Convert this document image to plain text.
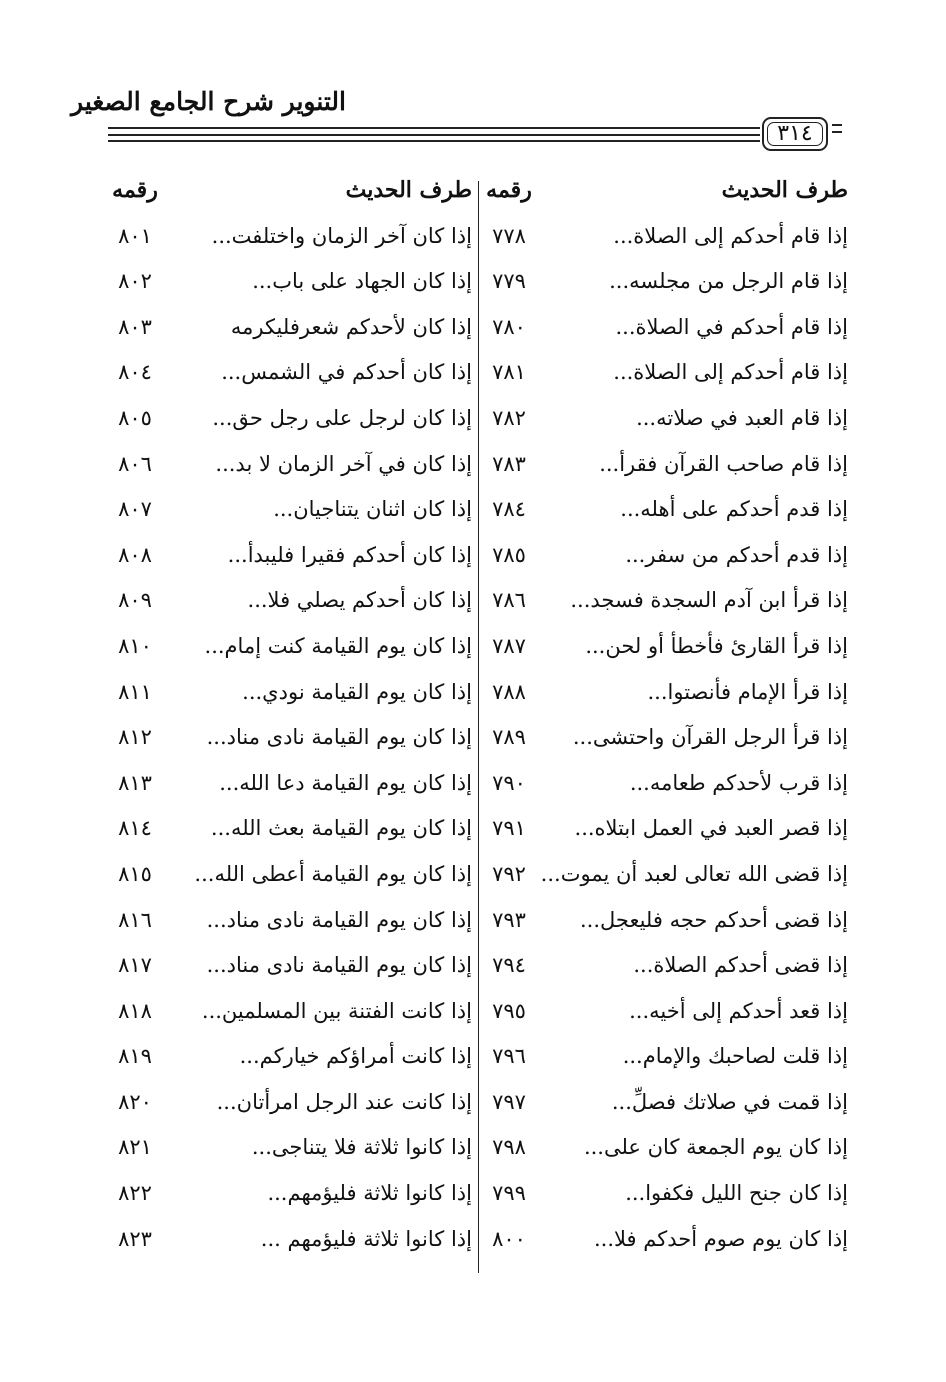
التنوير شرح الجامع الصغير
٣١٤
طرف الحديث
رقمه
طرف الحديث
رقمه
إذا قام أحدكم إلى الصلاة...
٧٧٨
إذا كان آخر الزمان واختلفت...
٨٠١
إذا قام الرجل من مجلسه...
٧٧٩
إذا كان الجهاد على باب...
٨٠٢
إذا قام أحدكم في الصلاة...
٧٨٠
إذا كان لأحدكم شعرفليكرمه
٨٠٣
إذا قام أحدكم إلى الصلاة...
٧٨١
إذا كان أحدكم في الشمس...
٨٠٤
إذا قام العبد في صلاته...
٧٨٢
إذا كان لرجل على رجل حق...
٨٠٥
إذا قام صاحب القرآن فقرأ...
٧٨٣
إذا كان في آخر الزمان لا بد...
٨٠٦
إذا قدم أحدكم على أهله...
٧٨٤
إذا كان اثنان يتناجيان...
٨٠٧
إذا قدم أحدكم من سفر...
٧٨٥
إذا كان أحدكم فقيرا فليبدأ...
٨٠٨
إذا قرأ ابن آدم السجدة فسجد...
٧٨٦
إذا كان أحدكم يصلي فلا...
٨٠٩
إذا قرأ القارئ فأخطأ أو لحن...
٧٨٧
إذا كان يوم القيامة كنت إمام...
٨١٠
إذا قرأ الإمام فأنصتوا...
٧٨٨
إذا كان يوم القيامة نودي...
٨١١
إذا قرأ الرجل القرآن واحتشى...
٧٨٩
إذا كان يوم القيامة نادى مناد...
٨١٢
إذا قرب لأحدكم طعامه...
٧٩٠
إذا كان يوم القيامة دعا الله...
٨١٣
إذا قصر العبد في العمل ابتلاه...
٧٩١
إذا كان يوم القيامة بعث الله...
٨١٤
إذا قضى الله تعالى لعبد أن يموت...
٧٩٢
إذا كان يوم القيامة أعطى الله...
٨١٥
إذا قضى أحدكم حجه فليعجل...
٧٩٣
إذا كان يوم القيامة نادى مناد...
٨١٦
إذا قضى أحدكم الصلاة...
٧٩٤
إذا كان يوم القيامة نادى مناد...
٨١٧
إذا قعد أحدكم إلى أخيه...
٧٩٥
إذا كانت الفتنة بين المسلمين...
٨١٨
إذا قلت لصاحبك والإمام...
٧٩٦
إذا كانت أمراؤكم خياركم...
٨١٩
إذا قمت في صلاتك فصلِّ...
٧٩٧
إذا كانت عند الرجل امرأتان...
٨٢٠
إذا كان يوم الجمعة كان على...
٧٩٨
إذا كانوا ثلاثة فلا يتناجى...
٨٢١
إذا كان جنح الليل فكفوا...
٧٩٩
إذا كانوا ثلاثة فليؤمهم...
٨٢٢
إذا كان يوم صوم أحدكم فلا...
٨٠٠
إذا كانوا ثلاثة فليؤمهم ...
٨٢٣
